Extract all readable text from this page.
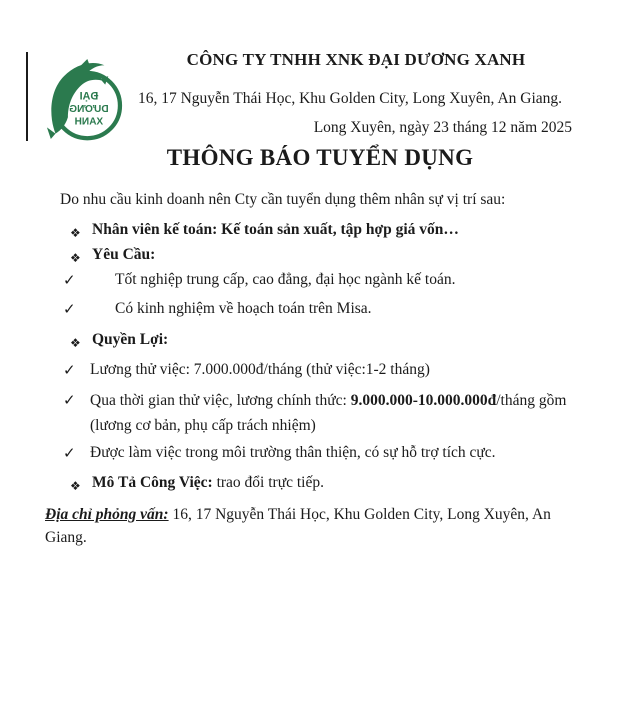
ĐẠI
DƯƠNG
XANH
CÔNG TY TNHH XNK ĐẠI DƯƠNG XANH
16, 17 Nguyễn Thái Học, Khu Golden City, Long Xuyên, An Giang.
Long Xuyên, ngày 23 tháng 12 năm 2025
THÔNG BÁO TUYỂN DỤNG
Do nhu cầu kinh doanh nên Cty cần tuyển dụng thêm nhân sự vị trí sau:
❖ Nhân viên kế toán: Kế toán sản xuất, tập hợp giá vốn…
❖ Yêu Cầu:
✓	Tốt nghiệp trung cấp, cao đẳng, đại học ngành kế toán.
✓	Có kinh nghiệm về hoạch toán trên Misa.
❖ Quyền Lợi:
✓ Lương thử việc: 7.000.000đ/tháng (thử việc:1-2 tháng)
✓ Qua thời gian thử việc, lương chính thức: 9.000.000-10.000.000đ/tháng gồm (lương cơ bản, phụ cấp trách nhiệm)
✓ Được làm việc trong môi trường thân thiện, có sự hỗ trợ tích cực.
❖ Mô Tả Công Việc: trao đổi trực tiếp.
Địa chỉ phỏng vấn: 16, 17 Nguyễn Thái Học, Khu Golden City, Long Xuyên, An Giang.
